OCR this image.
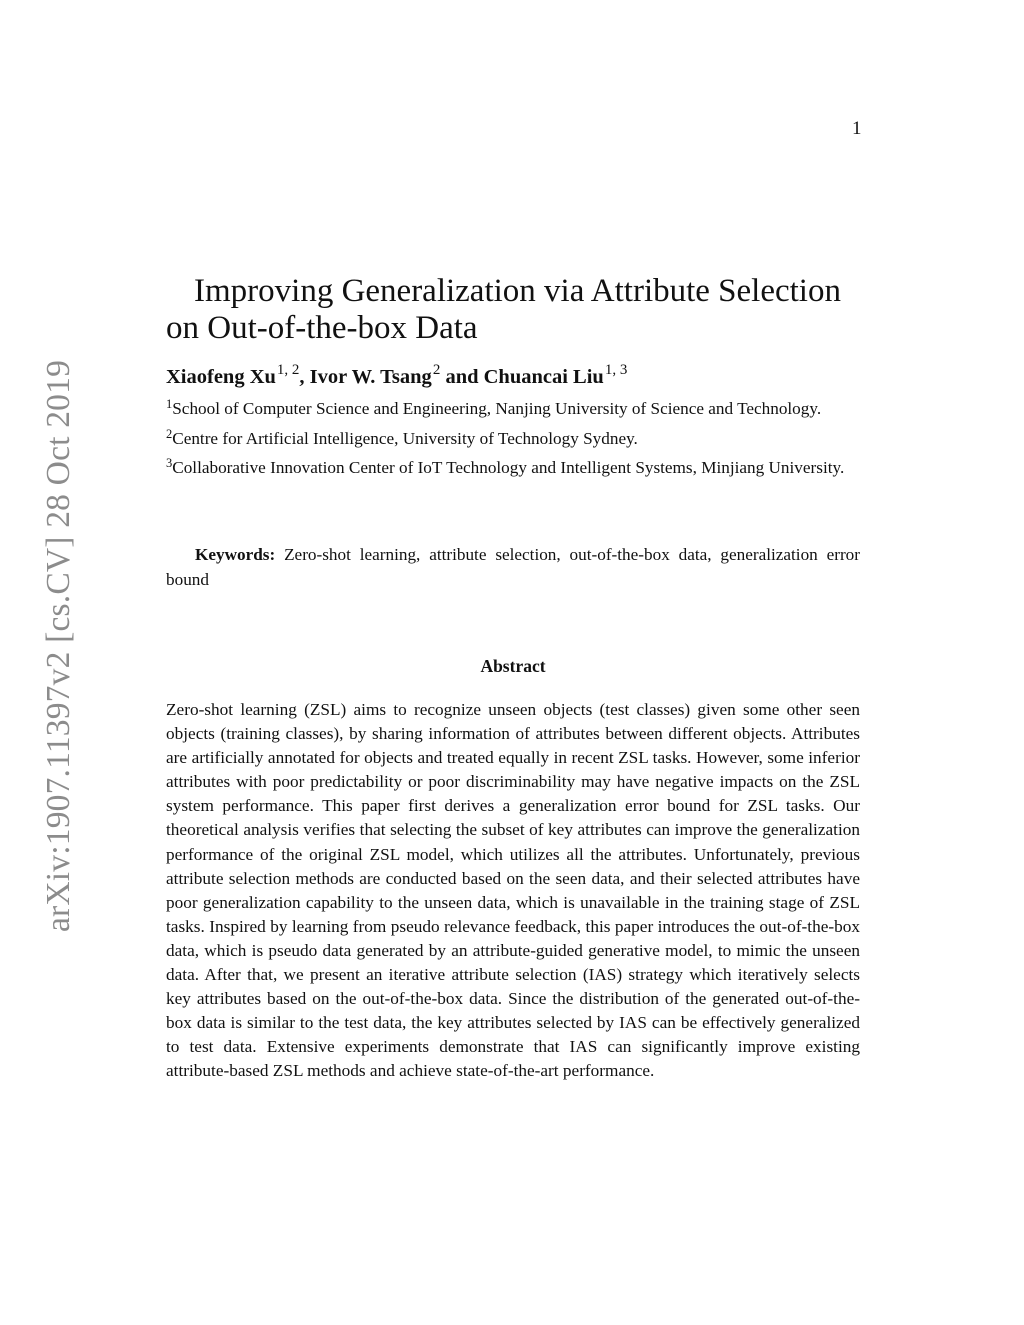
1
arXiv:1907.11397v2 [cs.CV] 28 Oct 2019
Improving Generalization via Attribute Selection
on Out-of-the-box Data
Xiaofeng Xu$^{1, 2}$, Ivor W. Tsang$^2$ and Chuancai Liu$^{1, 3}$

$^1$School of Computer Science and Engineering, Nanjing University of Science and Technology.

$^2$Centre for Artificial Intelligence, University of Technology Sydney.

$^3$Collaborative Innovation Center of IoT Technology and Intelligent Systems, Minjiang University.

Keywords: Zero-shot learning, attribute selection, out-of-the-box data, generalization error bound
Abstract
Zero-shot learning (ZSL) aims to recognize unseen objects (test classes) given some other seen objects (training classes), by sharing information of attributes between different objects. Attributes are artificially annotated for objects and treated equally in recent ZSL tasks. However, some inferior attributes with poor predictability or poor discriminability may have negative impacts on the ZSL system performance. This paper first derives a generalization error bound for ZSL tasks. Our theoretical analysis verifies that selecting the subset of key attributes can improve the generalization performance of the original ZSL model, which utilizes all the attributes. Unfortunately, previous attribute selection methods are conducted based on the seen data, and their selected attributes have poor generalization capability to the unseen data, which is unavailable in the training stage of ZSL tasks. Inspired by learning from pseudo relevance feedback, this paper introduces the out-of-the-box data, which is pseudo data generated by an attribute-guided generative model, to mimic the unseen data. After that, we present an iterative attribute selection (IAS) strategy which iteratively selects key attributes based on the out-of-the-box data. Since the distribution of the generated out-of-the-box data is similar to the test data, the key attributes selected by IAS can be effectively generalized to test data. Extensive experiments demonstrate that IAS can significantly improve existing attribute-based ZSL methods and achieve state-of-the-art performance.
